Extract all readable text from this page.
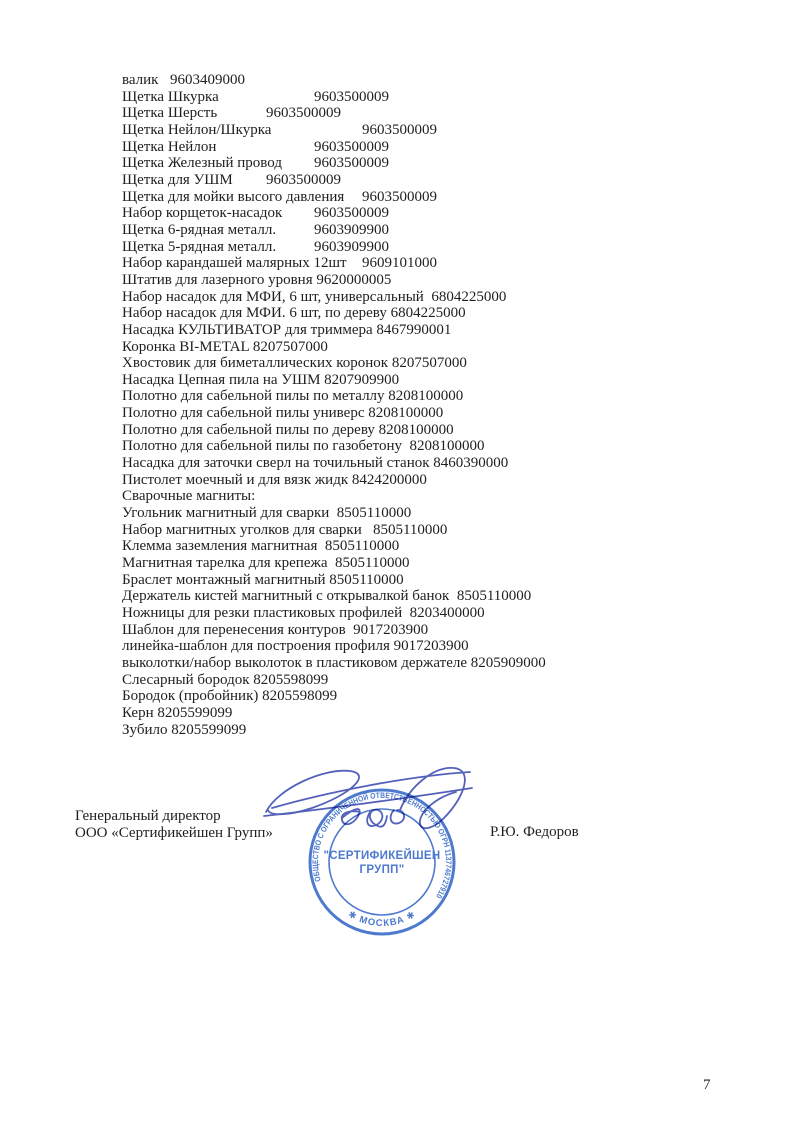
валик	9603409000
Щетка Шкурка		9603500009
Щетка Шерсть	9603500009
Щетка Нейлон/Шкурка		9603500009
Щетка Нейлон		9603500009
Щетка Железный провод	9603500009
Щетка для УШМ	9603500009
Щетка для мойки высого давления	9603500009
Набор корщеток-насадок	9603500009
Щетка 6-рядная металл.	9603909900
Щетка 5-рядная металл.	9603909900
Набор карандашей малярных 12шт	9609101000
Штатив для лазерного уровня 9620000005
Набор насадок для МФИ, 6 шт, универсальный  6804225000
Набор насадок для МФИ. 6 шт, по дереву 6804225000
Насадка КУЛЬТИВАТОР для триммера 8467990001
Коронка BI-METAL 8207507000
Хвостовик для биметаллических коронок 8207507000
Насадка Цепная пила на УШМ 8207909900
Полотно для сабельной пилы по металлу 8208100000
Полотно для сабельной пилы универс 8208100000
Полотно для сабельной пилы по дереву 8208100000
Полотно для сабельной пилы по газобетону  8208100000
Насадка для заточки сверл на точильный станок 8460390000
Пистолет моечный и для вязк жидк 8424200000
Сварочные магниты:
Угольник магнитный для сварки  8505110000
Набор магнитных уголков для сварки   8505110000
Клемма заземления магнитная  8505110000
Магнитная тарелка для крепежа  8505110000
Браслет монтажный магнитный 8505110000
Держатель кистей магнитный с открывалкой банок  8505110000
Ножницы для резки пластиковых профилей  8203400000
Шаблон для перенесения контуров  9017203900
линейка-шаблон для построения профиля 9017203900
выколотки/набор выколоток в пластиковом держателе 8205909000
Слесарный бородок 8205598099
Бородок (пробойник) 8205598099
Керн 8205599099
Зубило 8205599099
Генеральный директор
ООО «Сертификейшен Групп»	Р.Ю. Федоров
ОБЩЕСТВО С ОГРАНИЧЕННОЙ ОТВЕТСТВЕННОСТЬЮ ОГРН 1137746727910
✱ МОСКВА ✱
"СЕРТИФИКЕЙШЕН
ГРУПП"
7
